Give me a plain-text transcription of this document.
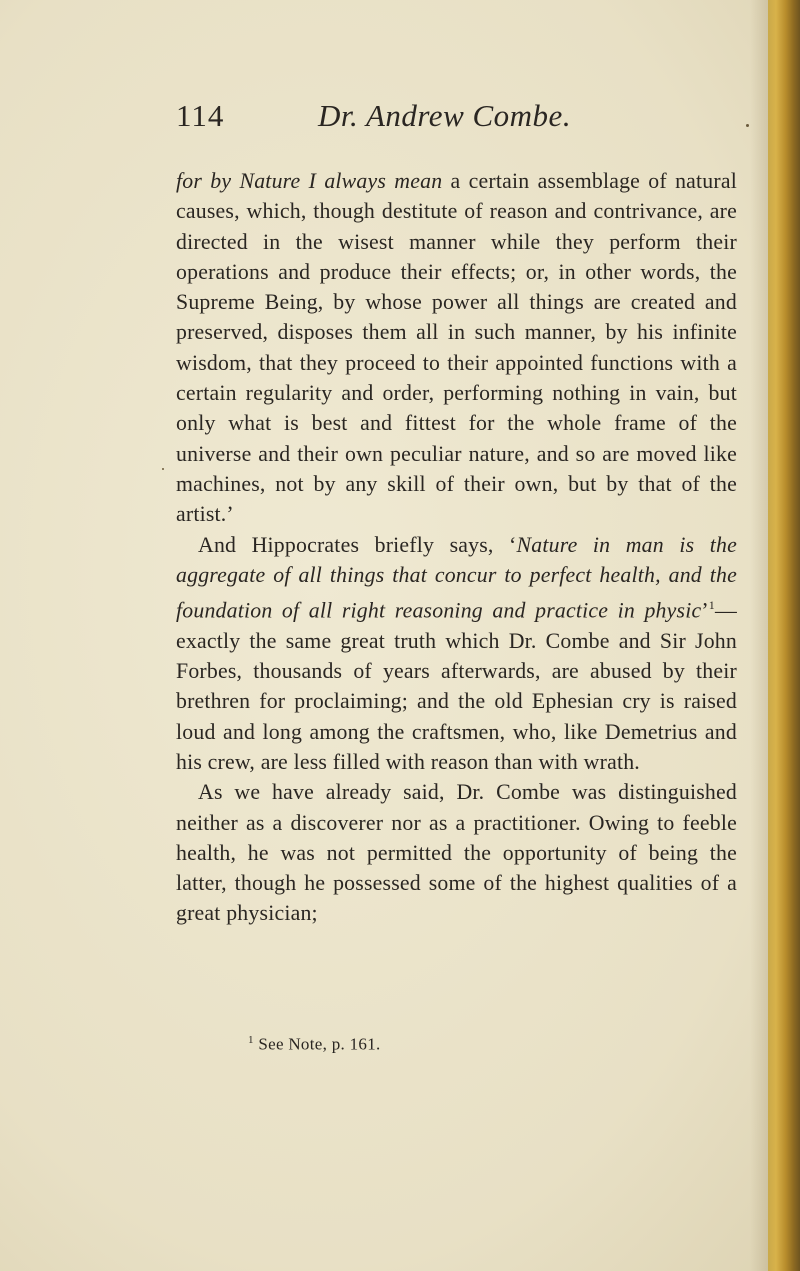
114	Dr. Andrew Combe.

for by Nature I always mean a certain assemblage of natural causes, which, though destitute of reason and contrivance, are directed in the wisest manner while they perform their operations and produce their effects; or, in other words, the Supreme Being, by whose power all things are created and preserved, disposes them all in such manner, by his infinite wisdom, that they proceed to their appointed functions with a certain regularity and order, performing nothing in vain, but only what is best and fittest for the whole frame of the universe and their own peculiar nature, and so are moved like machines, not by any skill of their own, but by that of the artist.’

And Hippocrates briefly says, ‘Nature in man is the aggregate of all things that concur to perfect health, and the foundation of all right reasoning and practice in physic’$^1$—exactly the same great truth which Dr. Combe and Sir John Forbes, thousands of years afterwards, are abused by their brethren for proclaiming; and the old Ephesian cry is raised loud and long among the craftsmen, who, like Demetrius and his crew, are less filled with reason than with wrath.

As we have already said, Dr. Combe was distinguished neither as a discoverer nor as a practitioner. Owing to feeble health, he was not permitted the opportunity of being the latter, though he possessed some of the highest qualities of a great physician;

$^1$ See Note, p. 161.
